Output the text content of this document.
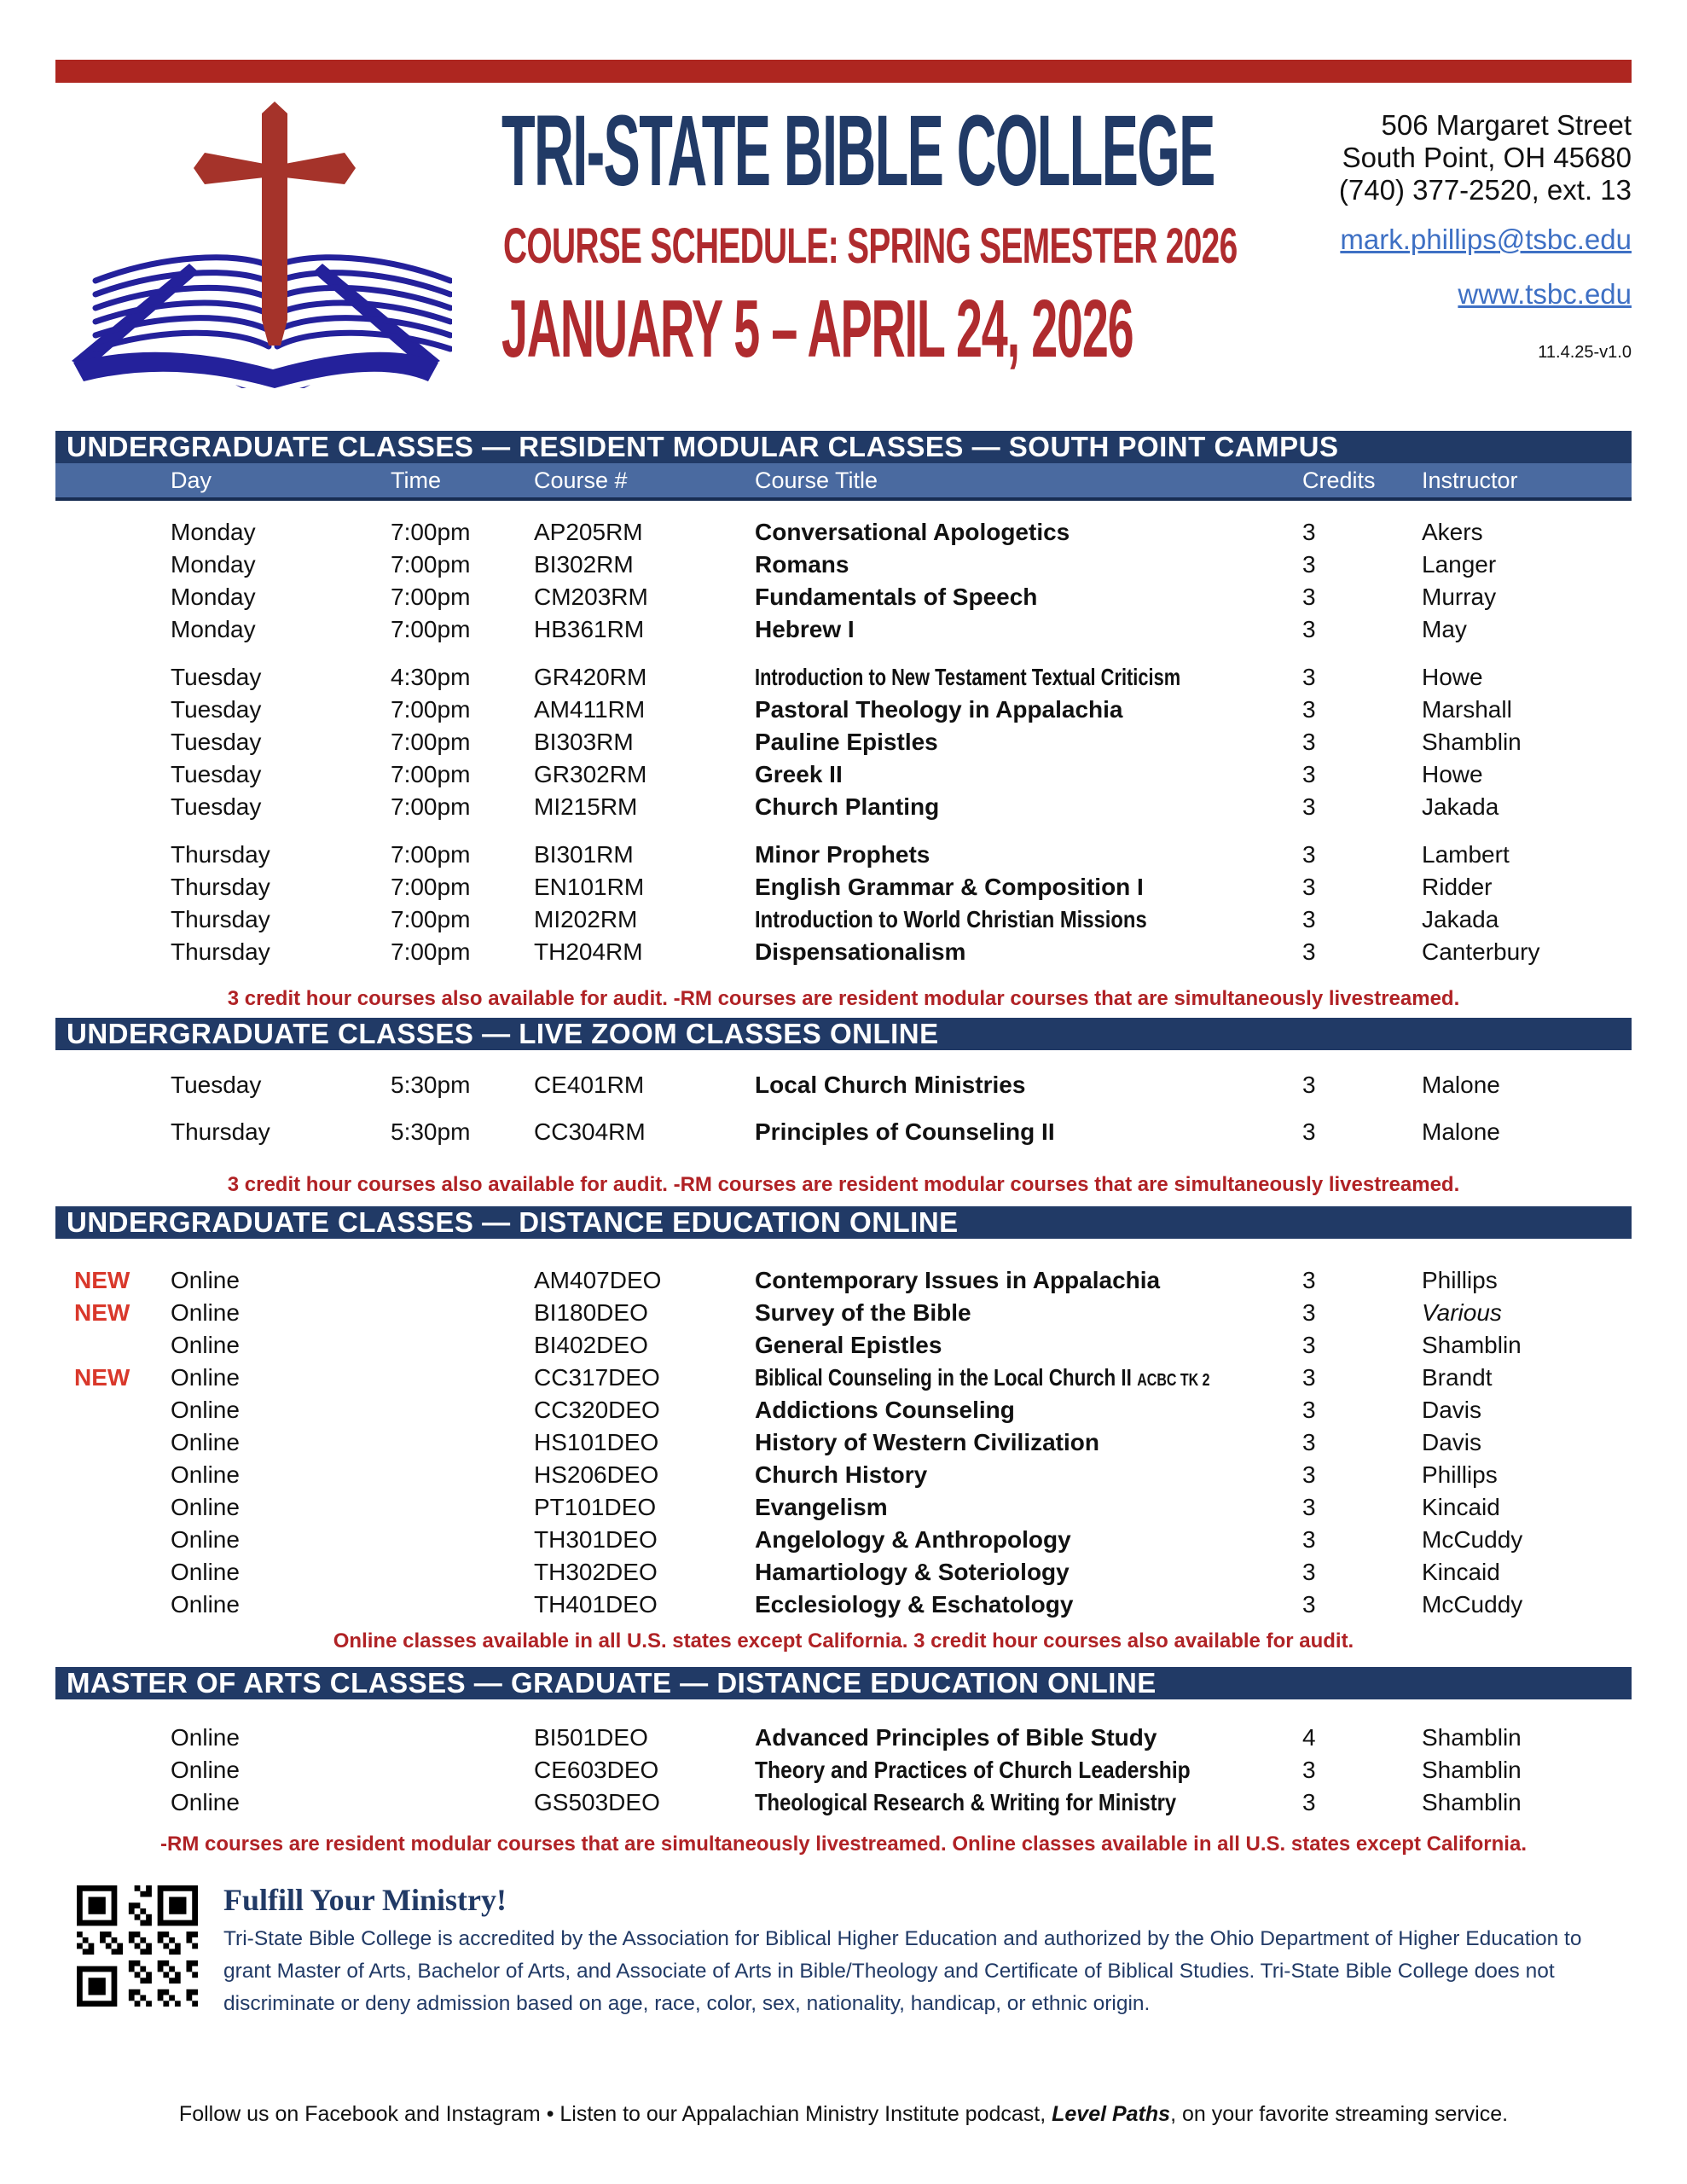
TRI-STATE BIBLE COLLEGE
COURSE SCHEDULE: SPRING SEMESTER 2026
JANUARY 5 – APRIL 24, 2026
506 Margaret Street
South Point, OH 45680
(740) 377-2520, ext. 13
mark.phillips@tsbc.edu
www.tsbc.edu
11.4.25-v1.0
UNDERGRADUATE CLASSES — RESIDENT MODULAR CLASSES — SOUTH POINT CAMPUS
Day	Time	Course #	Course Title	Credits	Instructor
Monday	7:00pm	AP205RM	Conversational Apologetics	3	Akers
Monday	7:00pm	BI302RM	Romans	3	Langer
Monday	7:00pm	CM203RM	Fundamentals of Speech	3	Murray
Monday	7:00pm	HB361RM	Hebrew I	3	May
Tuesday	4:30pm	GR420RM	Introduction to New Testament Textual Criticism	3	Howe
Tuesday	7:00pm	AM411RM	Pastoral Theology in Appalachia	3	Marshall
Tuesday	7:00pm	BI303RM	Pauline Epistles	3	Shamblin
Tuesday	7:00pm	GR302RM	Greek II	3	Howe
Tuesday	7:00pm	MI215RM	Church Planting	3	Jakada
Thursday	7:00pm	BI301RM	Minor Prophets	3	Lambert
Thursday	7:00pm	EN101RM	English Grammar & Composition I	3	Ridder
Thursday	7:00pm	MI202RM	Introduction to World Christian Missions	3	Jakada
Thursday	7:00pm	TH204RM	Dispensationalism	3	Canterbury
3 credit hour courses also available for audit. -RM courses are resident modular courses that are simultaneously livestreamed.
UNDERGRADUATE CLASSES — LIVE ZOOM CLASSES ONLINE
Tuesday	5:30pm	CE401RM	Local Church Ministries	3	Malone
Thursday	5:30pm	CC304RM	Principles of Counseling II	3	Malone
3 credit hour courses also available for audit. -RM courses are resident modular courses that are simultaneously livestreamed.
UNDERGRADUATE CLASSES — DISTANCE EDUCATION ONLINE
NEW	Online	AM407DEO	Contemporary Issues in Appalachia	3	Phillips
NEW	Online	BI180DEO	Survey of the Bible	3	Various
Online	BI402DEO	General Epistles	3	Shamblin
NEW	Online	CC317DEO	Biblical Counseling in the Local Church II ACBC TK 2	3	Brandt
Online	CC320DEO	Addictions Counseling	3	Davis
Online	HS101DEO	History of Western Civilization	3	Davis
Online	HS206DEO	Church History	3	Phillips
Online	PT101DEO	Evangelism	3	Kincaid
Online	TH301DEO	Angelology & Anthropology	3	McCuddy
Online	TH302DEO	Hamartiology & Soteriology	3	Kincaid
Online	TH401DEO	Ecclesiology & Eschatology	3	McCuddy
Online classes available in all U.S. states except California. 3 credit hour courses also available for audit.
MASTER OF ARTS CLASSES — GRADUATE — DISTANCE EDUCATION ONLINE
Online	BI501DEO	Advanced Principles of Bible Study	4	Shamblin
Online	CE603DEO	Theory and Practices of Church Leadership	3	Shamblin
Online	GS503DEO	Theological Research & Writing for Ministry	3	Shamblin
-RM courses are resident modular courses that are simultaneously livestreamed. Online classes available in all U.S. states except California.
Fulfill Your Ministry!

Tri-State Bible College is accredited by the Association for Biblical Higher Education and authorized by the Ohio Department of Higher Education to grant Master of Arts, Bachelor of Arts, and Associate of Arts in Bible/Theology and Certificate of Biblical Studies. Tri-State Bible College does not discriminate or deny admission based on age, race, color, sex, nationality, handicap, or ethnic origin.

Follow us on Facebook and Instagram • Listen to our Appalachian Ministry Institute podcast, Level Paths, on your favorite streaming service.
